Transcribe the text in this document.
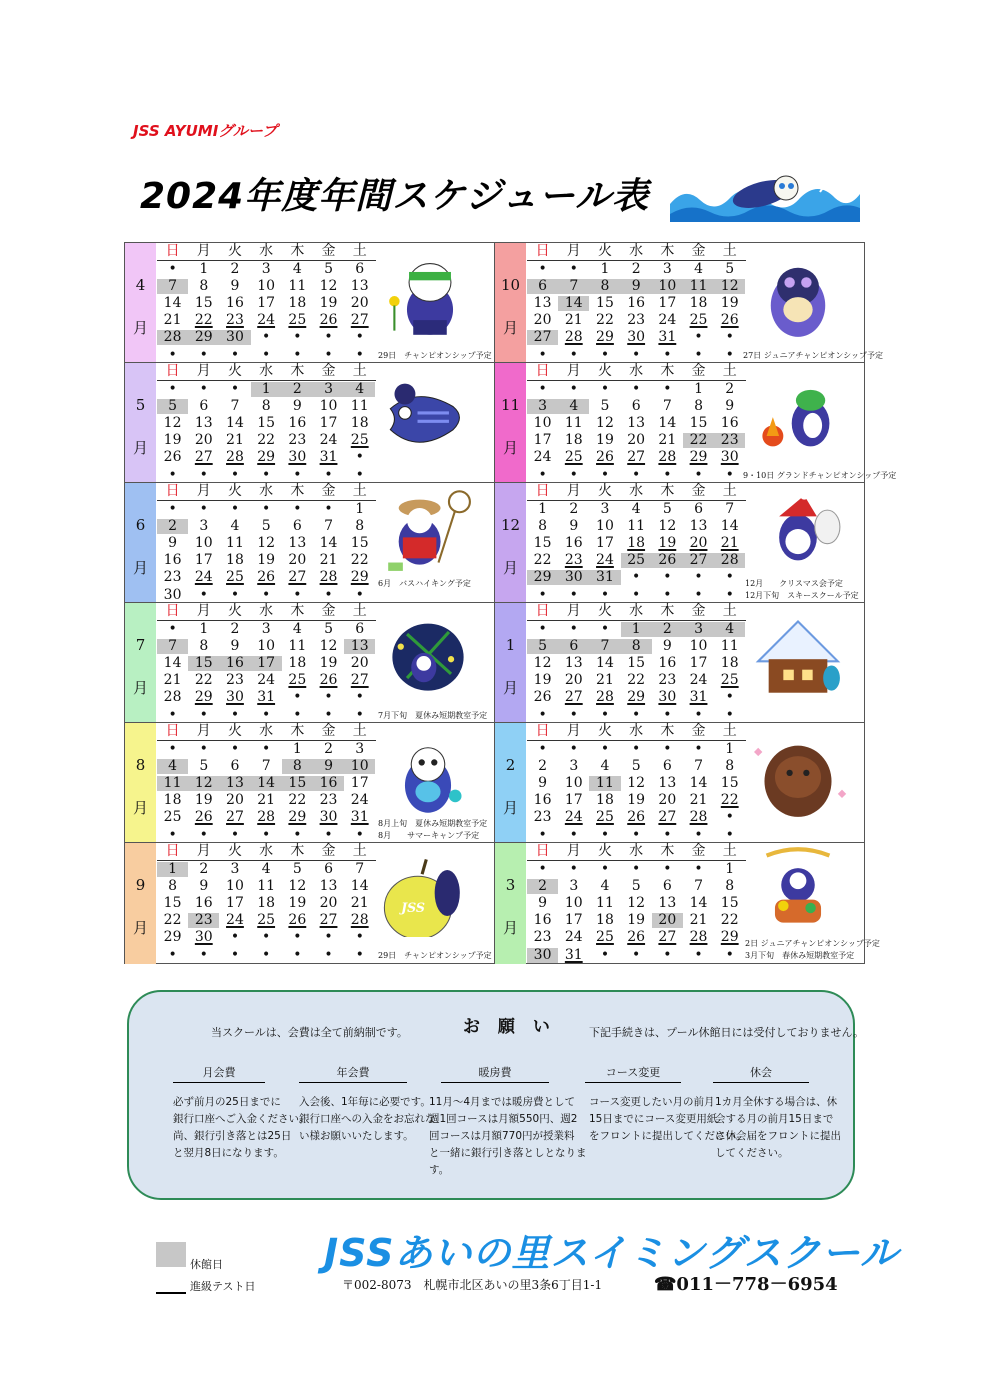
JSS AYUMIグループ
2024年度年間スケジュール表
4
月
日	月	火	水	木	金	土
•	1	2	3	4	5	6
7	8	9	10 11 12 13
14 15 16 17 18 19 20
21 22 23 24 25 26 27
28 29 30	•	•	•	•
•	•	•	•	•	•	•	29日　チャンピオンシップ予定
10
月
日	月	火	水	木	金	土
•	•	1	2	3	4	5
6	7	8	9	10 11 12
13 14 15 16 17 18 19
20 21 22 23 24 25 26
27 28 29 30 31	•	•
•	•	•	•	•	•	•	27日 ジュニアチャンピオンシップ予定
5
月
日	月	火	水	木	金	土
•	•	•	1	2	3	4
5	6	7	8	9	10 11
12 13 14 15 16 17 18
19 20 21 22 23 24 25
26 27 28 29 30 31	•
•	•	•	•	•	•	•
11
月
日	月	火	水	木	金	土
•	•	•	•	•	1	2
3	4	5	6	7	8	9
10 11 12 13 14 15 16
17 18 19 20 21 22 23
24 25 26 27 28 29 30
•	•	•	•	•	•	•	9・10日 グランドチャンピオンシップ予定
6
月
日	月	火	水	木	金	土
•	•	•	•	•	•	1
2	3	4	5	6	7	8
9	10 11 12 13 14 15
16 17 18 19 20 21 22
23 24 25 26 27 28 29
30	•	•	•	•	•	•
6月　バスハイキング予定
12
月
日	月	火	水	木	金	土
1	2	3	4	5	6	7
8	9	10 11 12 13 14
15 16 17 18 19 20 21
22 23 24 25 26 27 28
29 30 31	•	•	•	•
•	•	•	•	•	•	•
12月　　クリスマス会予定
12月下旬　スキースクール予定
7
月
日	月	火	水	木	金	土
•	1	2	3	4	5	6
7	8	9	10 11 12 13
14 15 16 17 18 19 20
21 22 23 24 25 26 27
28 29 30 31	•	•	•
•	•	•	•	•	•	•	7月下旬　夏休み短期教室予定
1
月
日	月	火	水	木	金	土
•	•	•	1	2	3	4
5	6	7	8	9	10 11
12 13 14 15 16 17 18
19 20 21 22 23 24 25
26 27 28 29 30 31	•
•	•	•	•	•	•	•
8
月
日	月	火	水	木	金	土
•	•	•	•	1	2	3
4	5	6	7	8	9	10
11 12 13 14 15 16 17
18 19 20 21 22 23 24
25 26 27 28 29 30 31
•	•	•	•	•	•	•
8月上旬　夏休み短期教室予定
8月　　サマーキャンプ予定
2
月
日	月	火	水	木	金	土
•	•	•	•	•	•	1
2	3	4	5	6	7	8
9	10 11 12 13 14 15
16 17 18 19 20 21 22
23 24 25 26 27 28	•
•	•	•	•	•	•	•
9
月
日	月	火	水	木	金	土
1	2	3	4	5	6	7
8	9	10 11 12 13 14
15 16 17 18 19 20 21
22 23 24 25 26 27 28
29 30	•	•	•	•	•
•	•	•	•	•	•	•
JSS
29日　チャンピオンシップ予定
3
月
日	月	火	水	木	金	土
•	•	•	•	•	•	1
2	3	4	5	6	7	8
9	10 11 12 13 14 15
16 17 18 19 20 21 22
23 24 25 26 27 28 29
30 31	•	•	•	•	•
2日 ジュニアチャンピオンシップ予定
3月下旬　春休み短期教室予定
当スクールは、会費は全て前納制です。	お 願 い	下記手続きは、プール休館日には受付しておりません。
月会費
必ず前月の25日までに
銀行口座へご入金ください。
尚、銀行引き落とは25日
と翌月8日になります。
年会費
入会後、1年毎に必要です。
銀行口座への入金をお忘れな
い様お願いいたします。
暖房費
11月～4月までは暖房費として
週1回コースは月額550円、週2
回コースは月額770円が授業料
と一緒に銀行引き落としとなりま
す。
コース変更
コース変更したい月の前月
15日までにコース変更用紙
をフロントに提出してください。
休会
1カ月全休する場合は、休
会する月の前月15日まで
に休会届をフロントに提出
してください。
休館日
進級テスト日
JSSあいの里スイミングスクール
〒002-8073　札幌市北区あいの里3条6丁目1-1	☎011－778－6954
